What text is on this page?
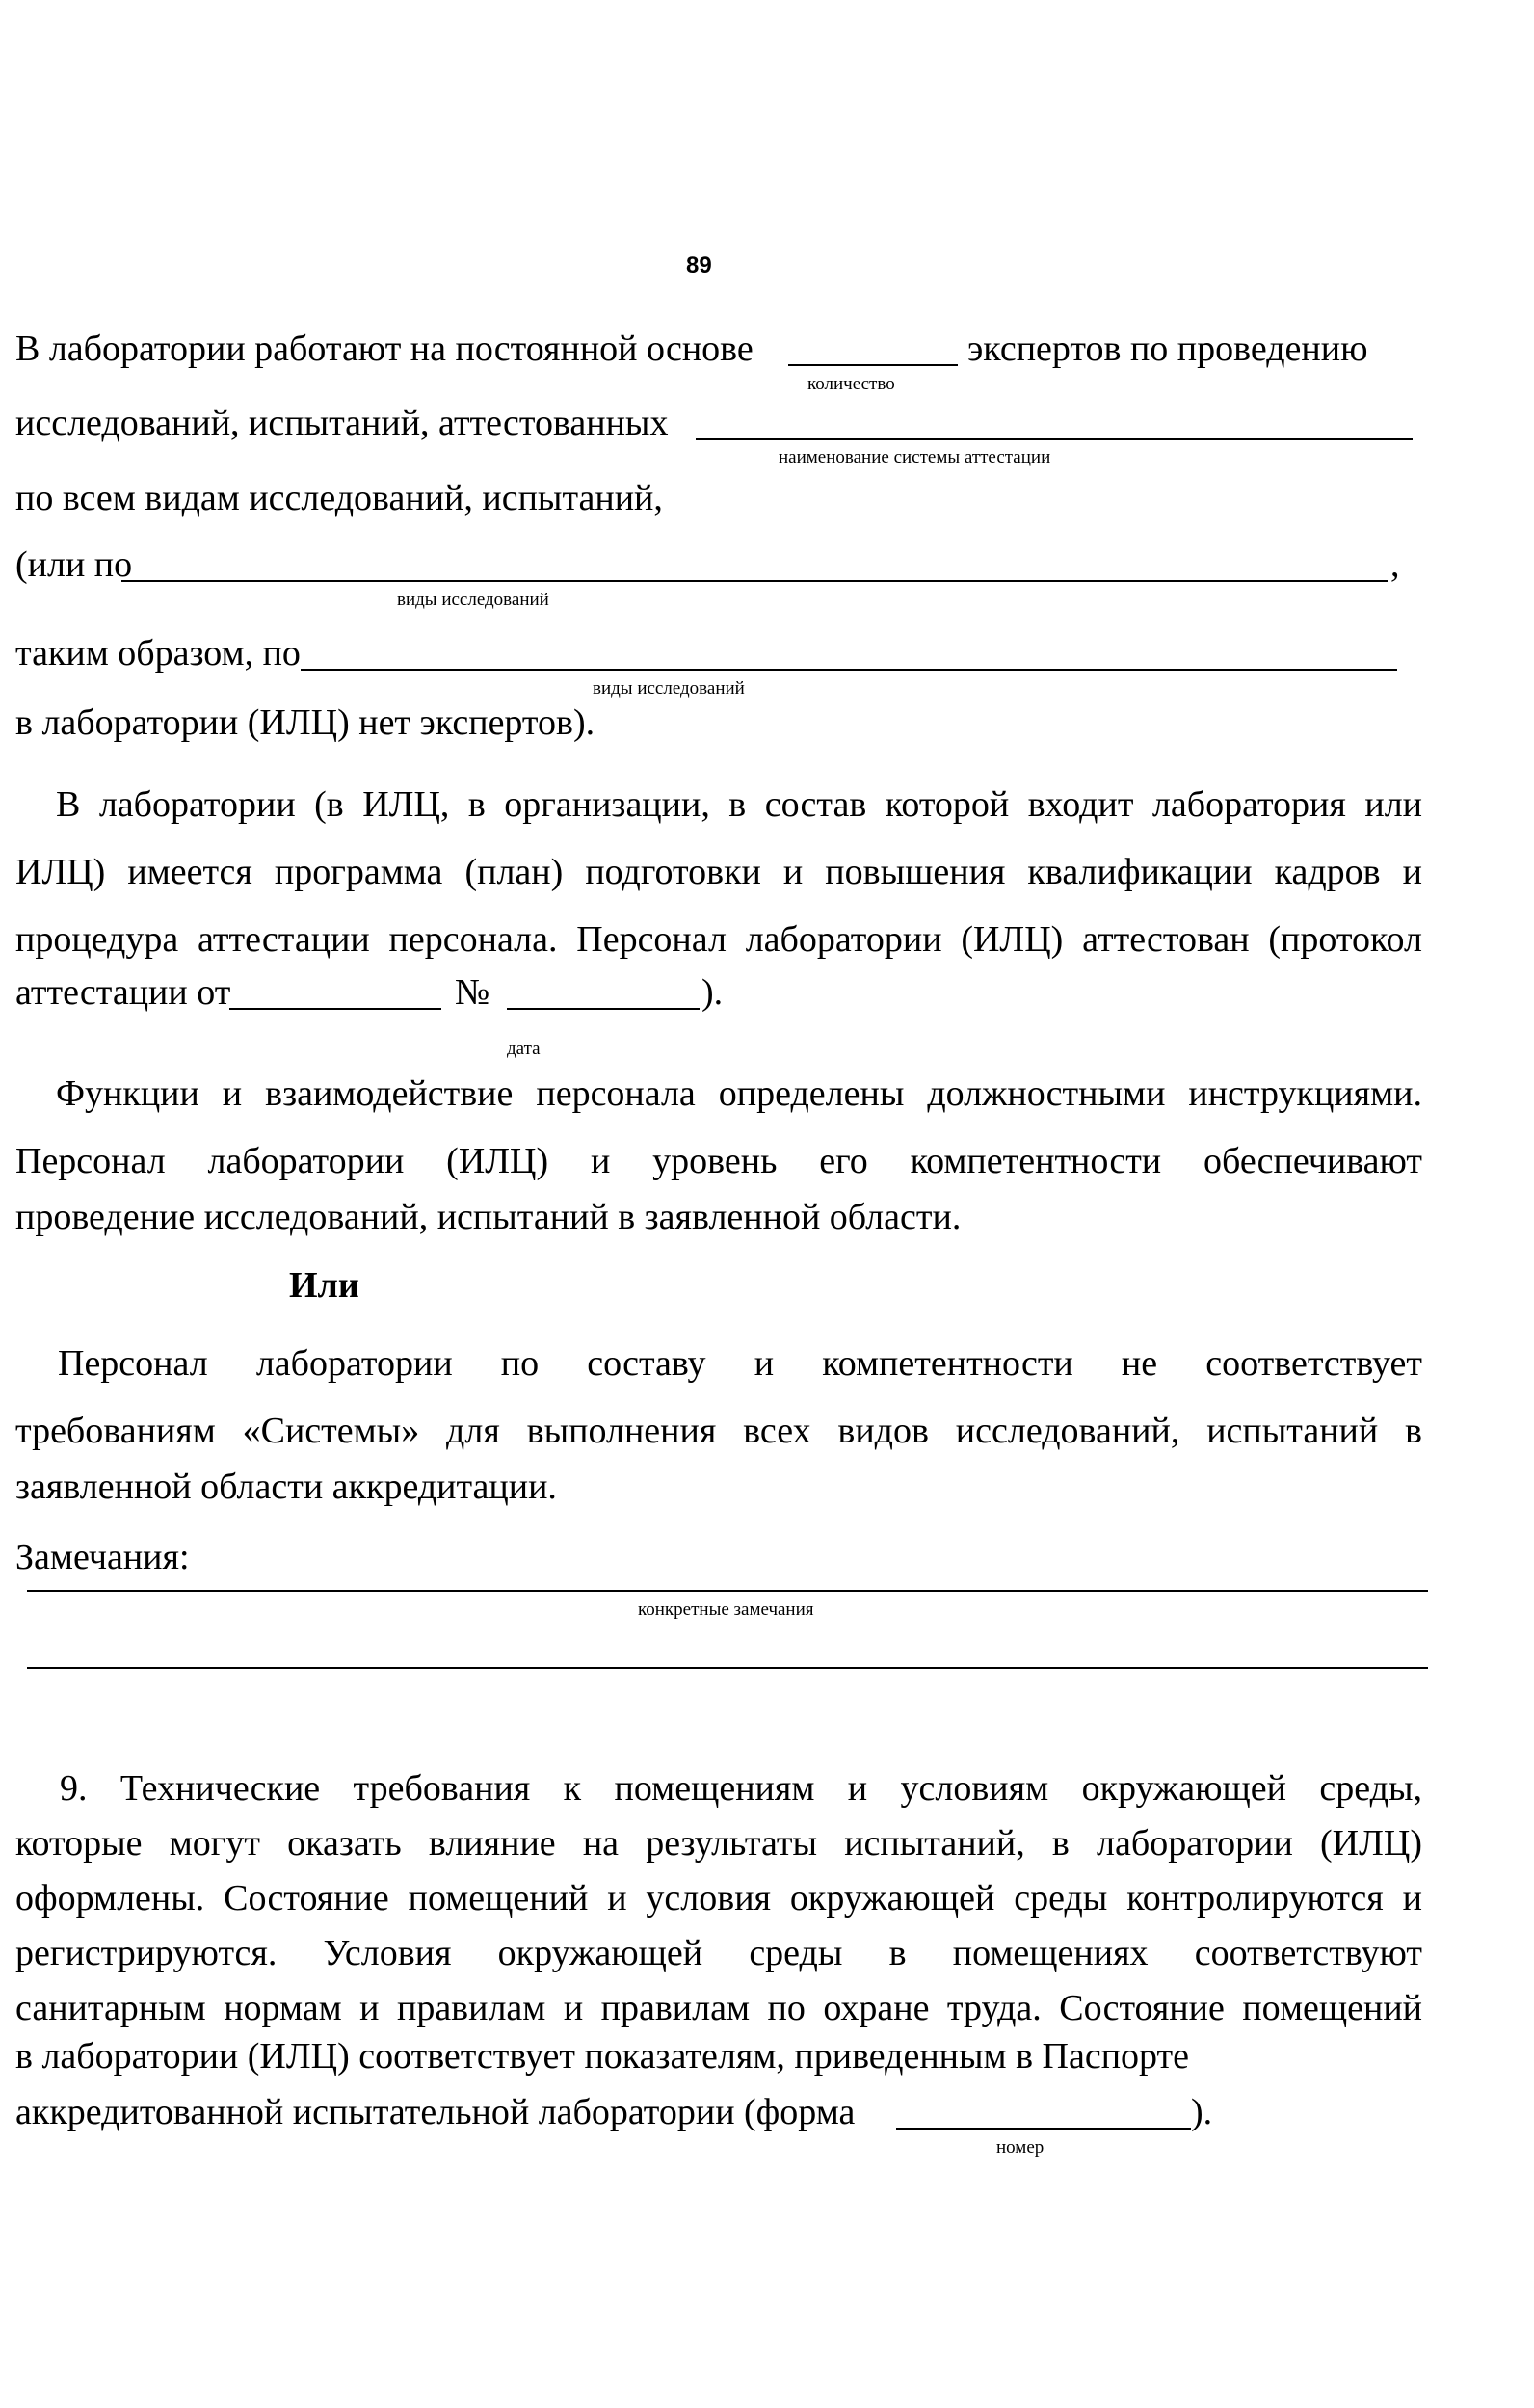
89
В лаборатории работают на постоянной основе	экспертов по проведению
количество
исследований, испытаний, аттестованных
наименование системы аттестации
по всем видам исследований, испытаний,
(или по	,
виды исследований
таким образом, по
виды исследований
в лаборатории (ИЛЦ) нет экспертов).
В лаборатории (в ИЛЦ, в организации, в состав которой входит лаборатория или
ИЛЦ) имеется программа (план) подготовки и повышения квалификации кадров и
процедура аттестации персонала. Персонал лаборатории (ИЛЦ) аттестован (протокол
аттестации от	№	).
дата
Функции и взаимодействие персонала определены должностными инструкциями.
Персонал лаборатории (ИЛЦ) и уровень его компетентности обеспечивают
проведение исследований, испытаний в заявленной области.
Или
Персонал лаборатории по составу и компетентности не соответствует
требованиям «Системы» для выполнения всех видов исследований, испытаний в
заявленной области аккредитации.
Замечания:
конкретные замечания
9. Технические требования к помещениям и условиям окружающей среды,
которые могут оказать влияние на результаты испытаний, в лаборатории (ИЛЦ)
оформлены. Состояние помещений и условия окружающей среды контролируются и
регистрируются. Условия окружающей среды в помещениях соответствуют
санитарным нормам и правилам и правилам по охране труда. Состояние помещений
в лаборатории (ИЛЦ) соответствует показателям, приведенным в Паспорте
аккредитованной испытательной лаборатории (форма	).
номер
